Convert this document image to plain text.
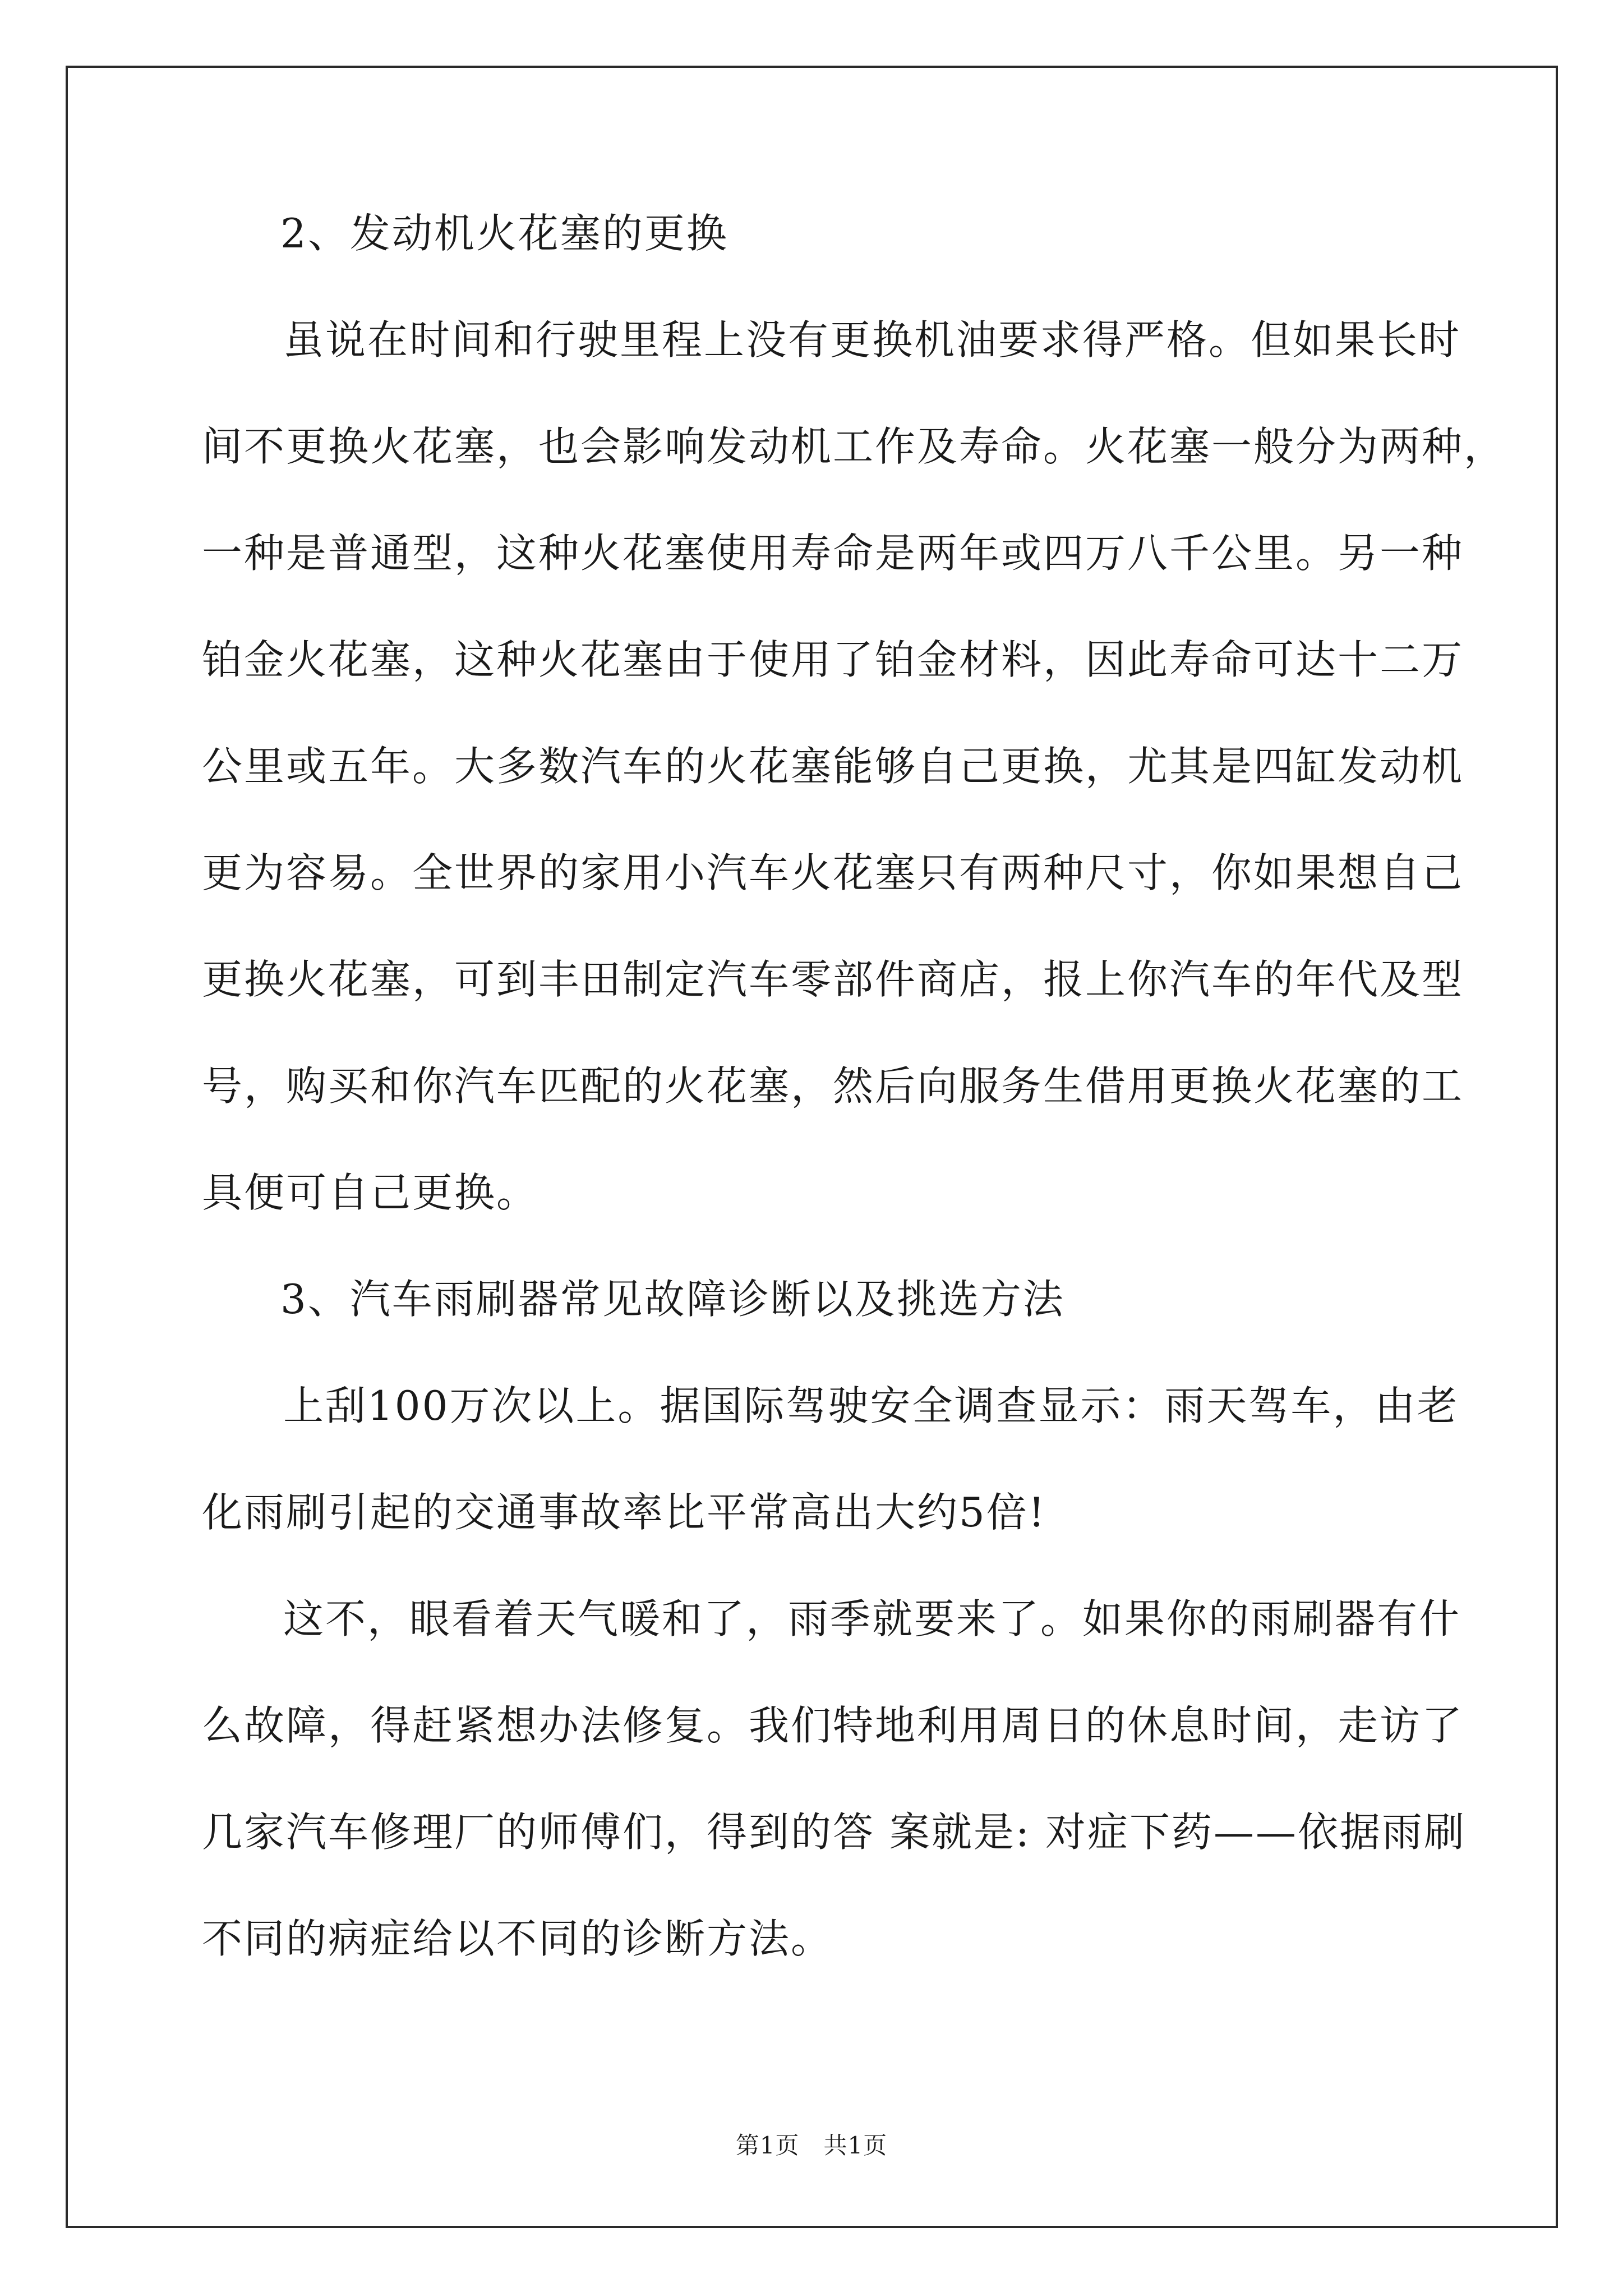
2、发动机火花塞的更换
虽说在时间和行驶里程上没有更换机油要求得严格。但如果长时
间不更换火花塞，也会影响发动机工作及寿命。火花塞一般分为两种，
一种是普通型，这种火花塞使用寿命是两年或四万八千公里。另一种
铂金火花塞，这种火花塞由于使用了铂金材料，因此寿命可达十二万
公里或五年。大多数汽车的火花塞能够自己更换，尤其是四缸发动机
更为容易。全世界的家用小汽车火花塞只有两种尺寸，你如果想自己
更换火花塞，可到丰田制定汽车零部件商店，报上你汽车的年代及型
号，购买和你汽车匹配的火花塞，然后向服务生借用更换火花塞的工
具便可自己更换。
3、汽车雨刷器常见故障诊断以及挑选方法
上刮100万次以上。据国际驾驶安全调查显示：雨天驾车，由老
化雨刷引起的交通事故率比平常高出大约5倍!
这不，眼看着天气暖和了，雨季就要来了。如果你的雨刷器有什
么故障，得赶紧想办法修复。我们特地利用周日的休息时间，走访了
几家汽车修理厂的师傅们，得到的答 案就是: 对症下药——依据雨刷
不同的病症给以不同的诊断方法。
第1页   共1页
